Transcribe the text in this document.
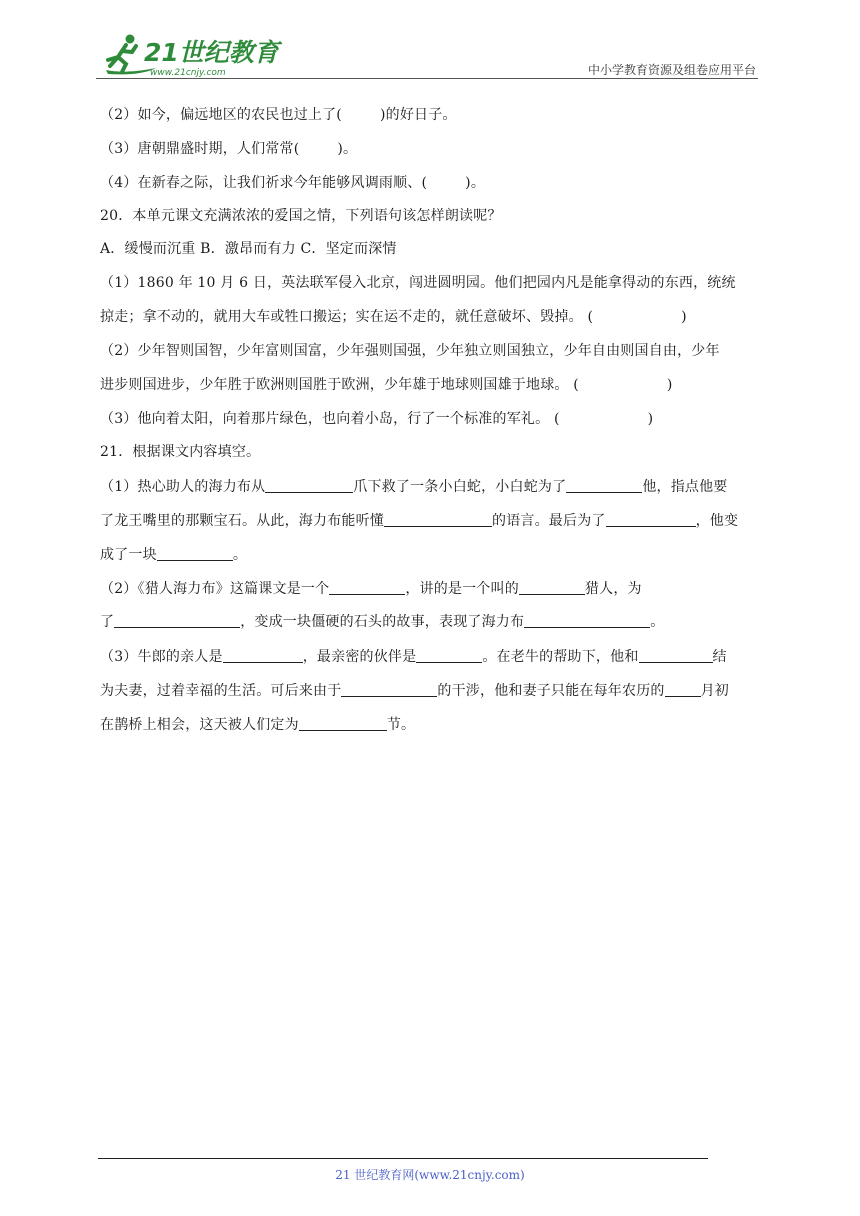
21世纪教育
www.21cnjy.com	中小学教育资源及组卷应用平台
（2）如今，偏远地区的农民也过上了(	)的好日子。
（3）唐朝鼎盛时期，人们常常(	)。
（4）在新春之际，让我们祈求今年能够风调雨顺、(	)。
20．本单元课文充满浓浓的爱国之情，下列语句该怎样朗读呢？
A．缓慢而沉重 B．激昂而有力 C．坚定而深情
（1）1860 年 10 月 6 日，英法联军侵入北京，闯进圆明园。他们把园内凡是能拿得动的东西，统统
掠走；拿不动的，就用大车或牲口搬运；实在运不走的，就任意破坏、毁掉。 (	)
（2）少年智则国智，少年富则国富，少年强则国强，少年独立则国独立，少年自由则国自由，少年
进步则国进步，少年胜于欧洲则国胜于欧洲，少年雄于地球则国雄于地球。 (	)
（3）他向着太阳，向着那片绿色，也向着小岛，行了一个标准的军礼。 (	)
21．根据课文内容填空。
（1）热心助人的海力布从	爪下救了一条小白蛇，小白蛇为了	他，指点他要
了龙王嘴里的那颗宝石。从此，海力布能听懂	的语言。最后为了	，他变
成了一块	。
（2）《猎人海力布》这篇课文是一个	，讲的是一个叫的	猎人，为
了	，变成一块僵硬的石头的故事，表现了海力布	。
（3）牛郎的亲人是	，最亲密的伙伴是	。在老牛的帮助下，他和	结
为夫妻，过着幸福的生活。可后来由于	的干涉，他和妻子只能在每年农历的	月初
在鹊桥上相会，这天被人们定为	节。
21 世纪教育网(www.21cnjy.com)
